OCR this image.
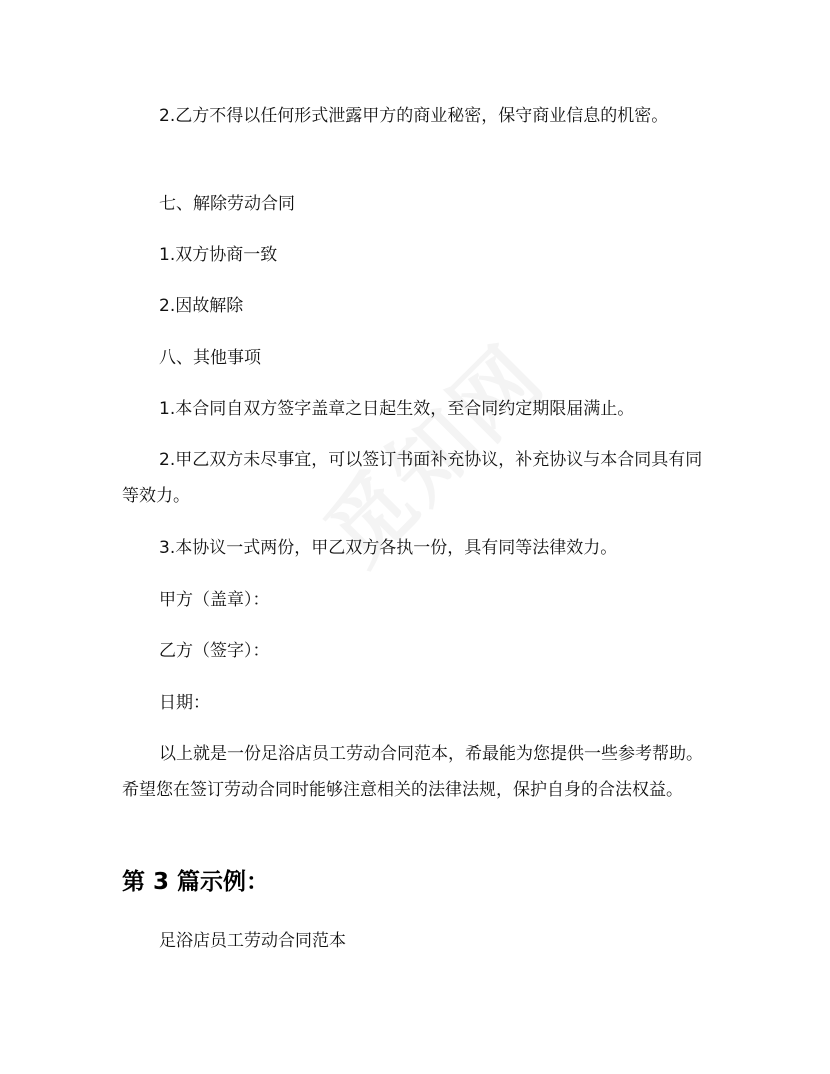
2.乙方不得以任何形式泄露甲方的商业秘密，保守商业信息的机密。

七、解除劳动合同

1.双方协商一致

2.因故解除

八、其他事项

1.本合同自双方签字盖章之日起生效，至合同约定期限届满止。

2.甲乙双方未尽事宜，可以签订书面补充协议，补充协议与本合同具有同等效力。

3.本协议一式两份，甲乙双方各执一份，具有同等法律效力。

甲方（盖章）：

乙方（签字）：

日期：

以上就是一份足浴店员工劳动合同范本，希最能为您提供一些参考帮助。希望您在签订劳动合同时能够注意相关的法律法规，保护自身的合法权益。

第 3 篇示例：

足浴店员工劳动合同范本
